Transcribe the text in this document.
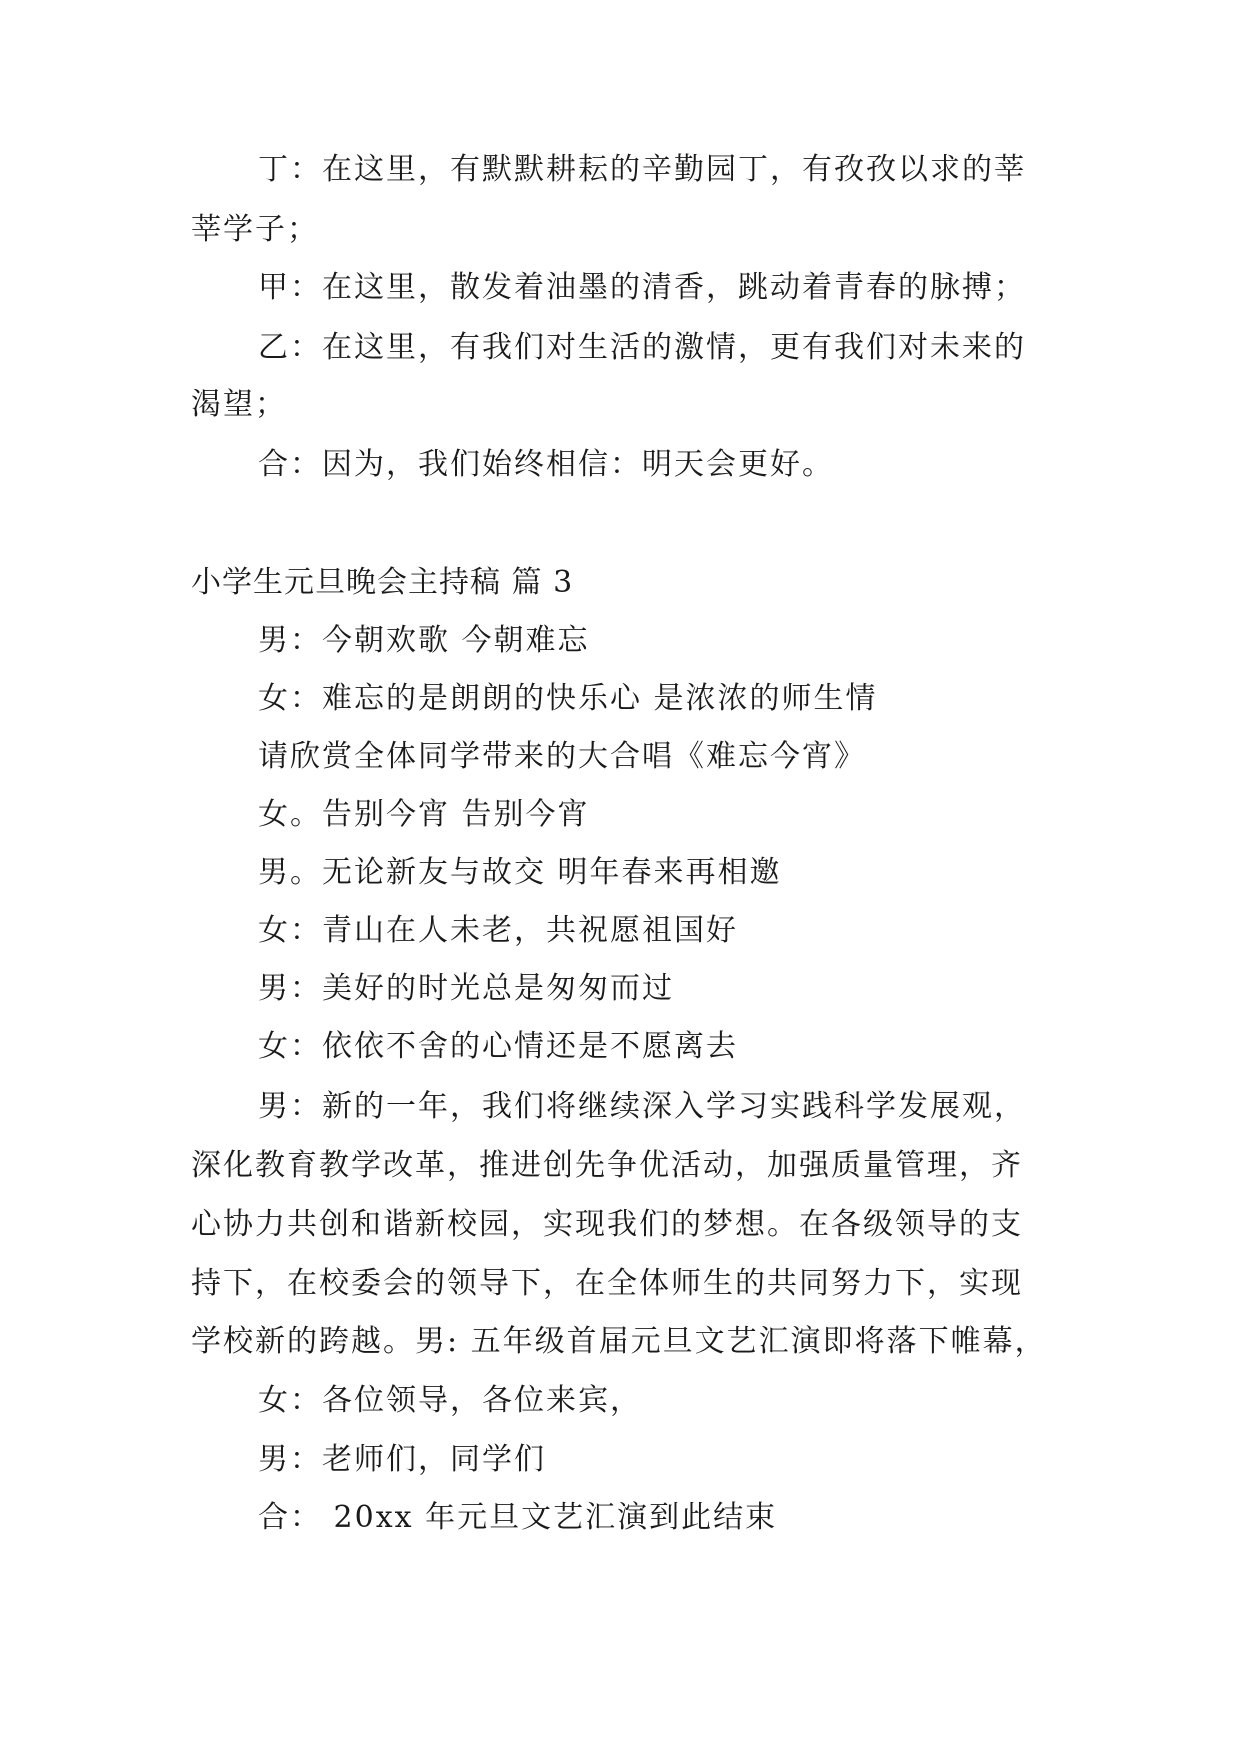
丁：在这里，有默默耕耘的辛勤园丁，有孜孜以求的莘
莘学子；
甲：在这里，散发着油墨的清香，跳动着青春的脉搏；
乙：在这里，有我们对生活的激情，更有我们对未来的
渴望；
合：因为，我们始终相信：明天会更好。
小学生元旦晚会主持稿 篇 3
男：今朝欢歌 今朝难忘
女：难忘的是朗朗的快乐心 是浓浓的师生情
请欣赏全体同学带来的大合唱《难忘今宵》
女。告别今宵 告别今宵
男。无论新友与故交 明年春来再相邀
女：青山在人未老，共祝愿祖国好
男：美好的时光总是匆匆而过
女：依依不舍的心情还是不愿离去
男：新的一年，我们将继续深入学习实践科学发展观，
深化教育教学改革，推进创先争优活动，加强质量管理，齐
心协力共创和谐新校园，实现我们的梦想。在各级领导的支
持下，在校委会的领导下，在全体师生的共同努力下，实现
学校新的跨越。男: 五年级首届元旦文艺汇演即将落下帷幕，
女：各位领导，各位来宾，
男：老师们，同学们
合： 20xx 年元旦文艺汇演到此结束
